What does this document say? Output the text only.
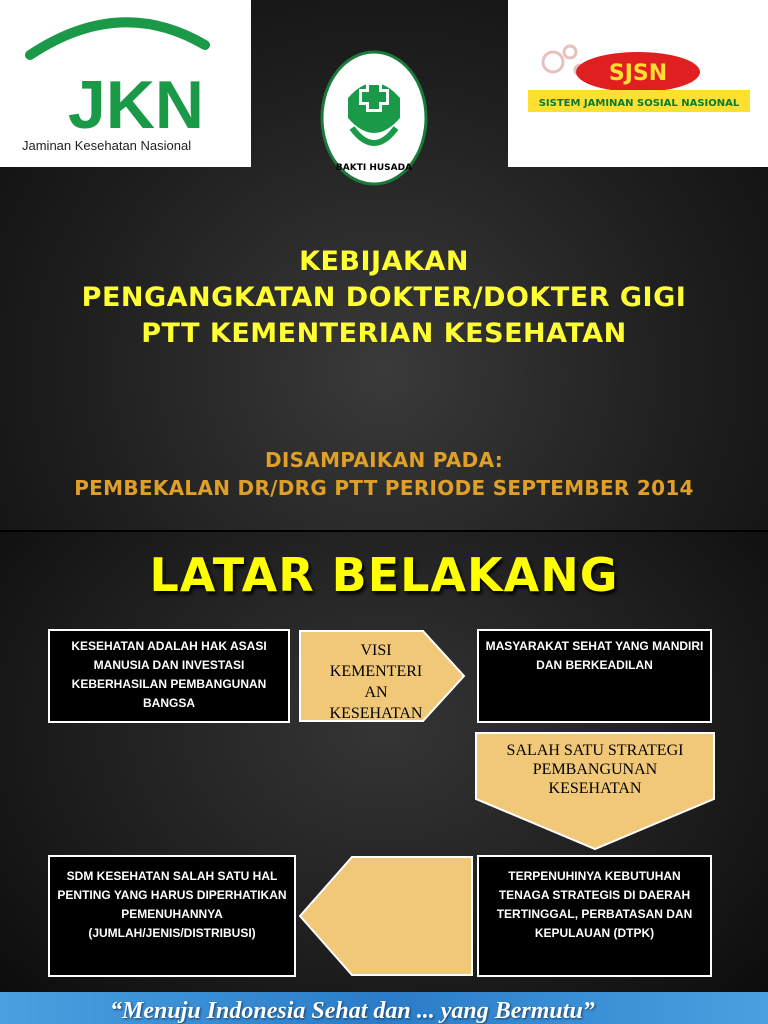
JKN
Jaminan Kesehatan Nasional
BAKTI HUSADA
SJSN
SISTEM JAMINAN SOSIAL NASIONAL
KEBIJAKAN
PENGANGKATAN DOKTER/DOKTER GIGI
PTT KEMENTERIAN KESEHATAN
DISAMPAIKAN PADA:
PEMBEKALAN DR/DRG PTT PERIODE SEPTEMBER 2014
LATAR BELAKANG
KESEHATAN ADALAH HAK ASASI MANUSIA DAN INVESTASI KEBERHASILAN PEMBANGUNAN BANGSA
VISI
KEMENTERI
AN
KESEHATAN
MASYARAKAT SEHAT YANG MANDIRI DAN BERKEADILAN
SALAH SATU STRATEGI
PEMBANGUNAN
KESEHATAN
TERPENUHINYA KEBUTUHAN TENAGA STRATEGIS DI DAERAH TERTINGGAL, PERBATASAN DAN KEPULAUAN (DTPK)
SDM KESEHATAN SALAH SATU HAL PENTING YANG HARUS DIPERHATIKAN PEMENUHANNYA (JUMLAH/JENIS/DISTRIBUSI)
“Menuju Indonesia Sehat dan ... yang Bermutu”
